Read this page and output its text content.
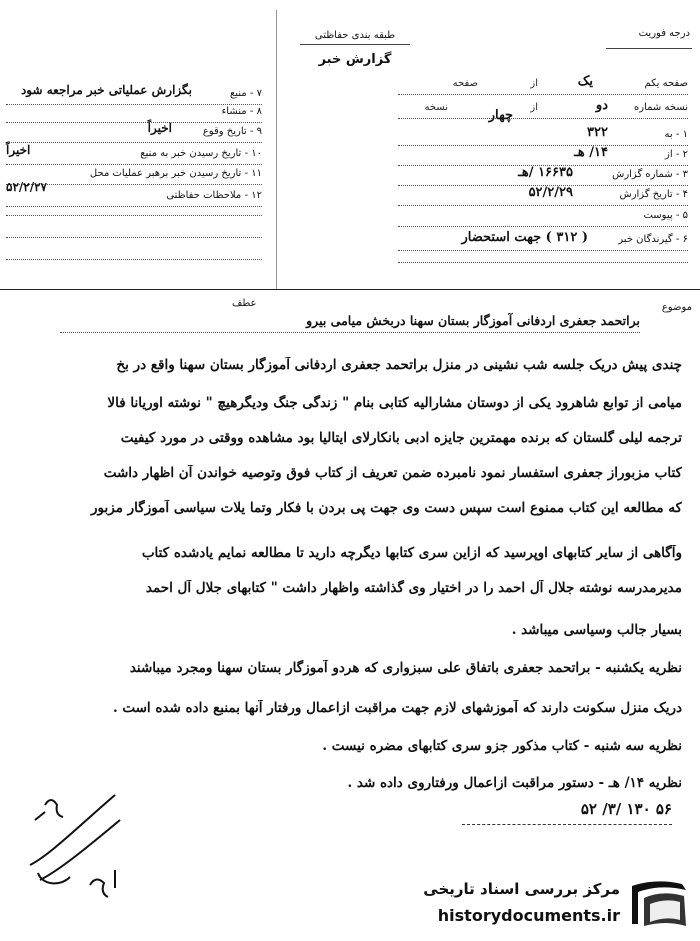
درجه فوریت
طبقه بندی حفاظتی
گزارش خبر
صفحه یکم
از	یک
صفحه
نسخه شماره
از	دو
چهار
نسخه
۱ - به
۳۲۲
۲ - از
۱۴/ هـ
۳ - شماره گزارش
۱۶۶۳۵ /هـ
۴ - تاریخ گزارش
۵۲/۲/۲۹
۵ - پیوست
۶ - گیرندگان خبر
( ۳۱۲ ) جهت استحضار
۷ - منبع
بگزارش عملیاتی خبر مراجعه شود
۸ - منشاء
۹ - تاریخ وقوع
اخیراً
۱۰ - تاریخ رسیدن خبر به منبع
اخیراً
۱۱ - تاریخ رسیدن خبر برهبر عملیات محل
۵۲/۲/۲۷
۱۲ - ملاحظات حفاظتی
موضوع
عطف
براتحمد جعفری اردفانی آموزگار بستان سهنا دربخش میامی بیرو
چندی پیش دریک جلسه شب نشینی در منزل براتحمد جعفری اردفانی آموزگار بستان سهنا واقع در بخ
میامی از توابع شاهرود یکی از دوستان مشارالیه کتابی بنام " زندگی جنگ ودیگرهیچ " نوشته اوریانا فالا
ترجمه لیلی گلستان که برنده مهمترین جایزه ادبی بانکارلای ایتالیا بود مشاهده ووقتی در مورد کیفیت
کتاب مزبوراز جعفری استفسار نمود نامبرده ضمن تعریف از کتاب فوق وتوصیه خواندن آن اظهار داشت
که مطالعه این کتاب ممنوع است سپس دست وی جهت پی بردن با فکار وتما یلات سیاسی آموزگار مزبور
وآگاهی از سایر کتابهای اوپرسید که ازاین سری کتابها دیگرچه دارید تا مطالعه نمایم یادشده کتاب
مدیرمدرسه نوشته جلال آل احمد را در اختیار وی گذاشته واظهار داشت " کتابهای جلال آل احمد
بسیار جالب وسیاسی میباشد .
نظریه یکشنبه - براتحمد جعفری باتفاق علی سبزواری که هردو آموزگار بستان سهنا ومجرد میباشند
دریک منزل سکونت دارند که آموزشهای لازم جهت مراقبت ازاعمال ورفتار آنها بمنبع داده شده است .
نظریه سه شنبه - کتاب مذکور جزو سری کتابهای مضره نیست .
نظریه ۱۴/ هـ - دستور مراقبت ازاعمال ورفتاروی داده شد .
۵۶ ۱۳۰ /۳/ ۵۲
مرکز بررسی اسناد تاریخی
historydocuments.ir
